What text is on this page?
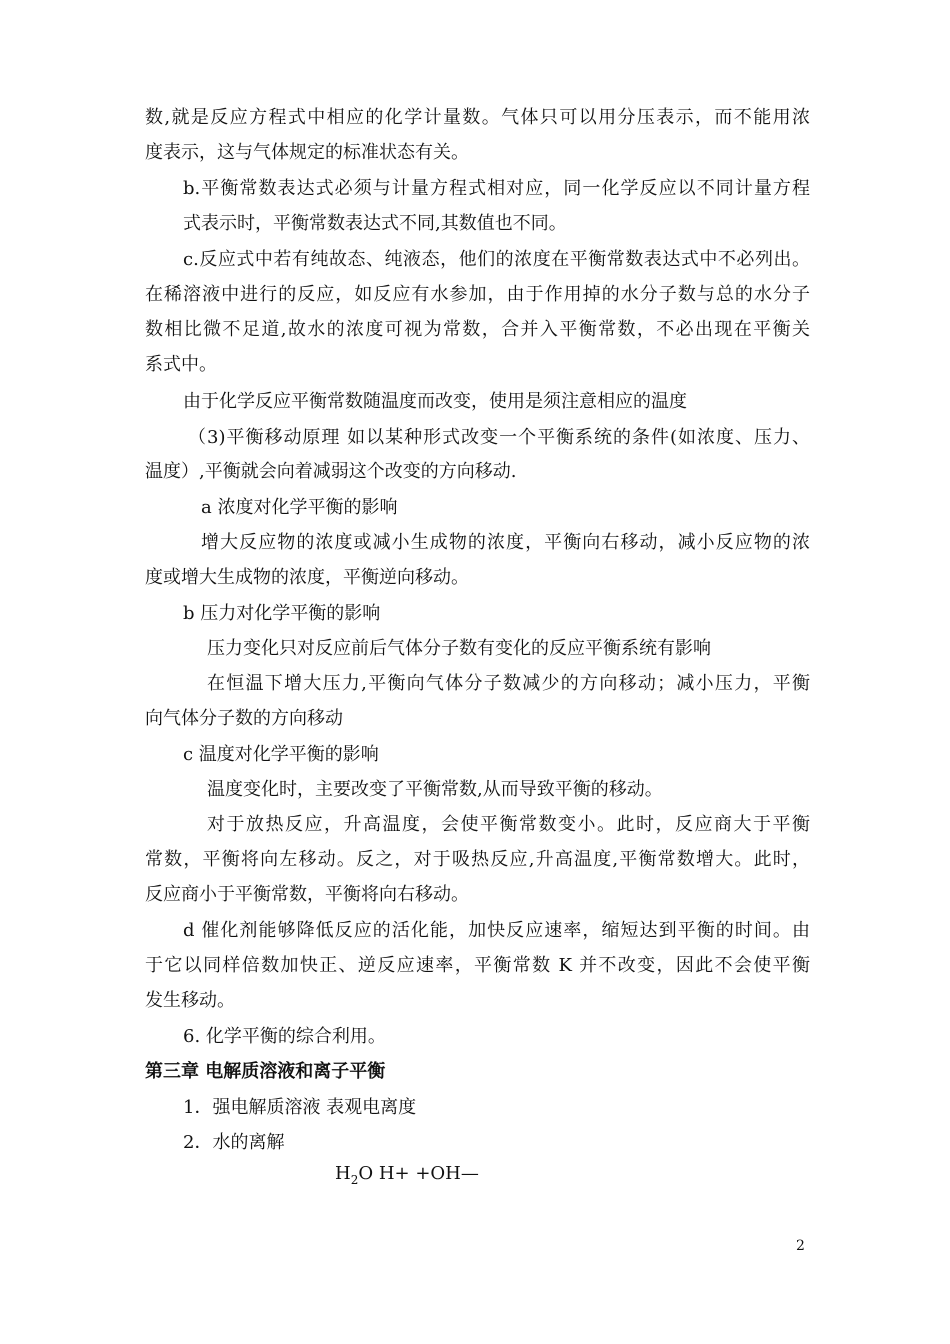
数,就是反应方程式中相应的化学计量数。气体只可以用分压表示，而不能用浓
度表示，这与气体规定的标准状态有关。
b.平衡常数表达式必须与计量方程式相对应，同一化学反应以不同计量方程
式表示时，平衡常数表达式不同,其数值也不同。
c.反应式中若有纯故态、纯液态，他们的浓度在平衡常数表达式中不必列出。
在稀溶液中进行的反应，如反应有水参加，由于作用掉的水分子数与总的水分子
数相比微不足道,故水的浓度可视为常数，合并入平衡常数，不必出现在平衡关
系式中。
由于化学反应平衡常数随温度而改变，使用是须注意相应的温度
（3)平衡移动原理 如以某种形式改变一个平衡系统的条件(如浓度、压力、
温度）,平衡就会向着减弱这个改变的方向移动.
a 浓度对化学平衡的影响
增大反应物的浓度或减小生成物的浓度，平衡向右移动，减小反应物的浓
度或增大生成物的浓度，平衡逆向移动。
b 压力对化学平衡的影响
压力变化只对反应前后气体分子数有变化的反应平衡系统有影响
在恒温下增大压力,平衡向气体分子数减少的方向移动；减小压力，平衡
向气体分子数的方向移动
c 温度对化学平衡的影响
温度变化时，主要改变了平衡常数,从而导致平衡的移动。
对于放热反应，升高温度，会使平衡常数变小。此时，反应商大于平衡
常数，平衡将向左移动。反之，对于吸热反应,升高温度,平衡常数增大。此时，
反应商小于平衡常数，平衡将向右移动。
d 催化剂能够降低反应的活化能，加快反应速率，缩短达到平衡的时间。由
于它以同样倍数加快正、逆反应速率，平衡常数 K 并不改变，因此不会使平衡
发生移动。
6. 化学平衡的综合利用。
第三章 电解质溶液和离子平衡
1．强电解质溶液 表观电离度
2．水的离解
$H_2O$ H+ +OH—
2
